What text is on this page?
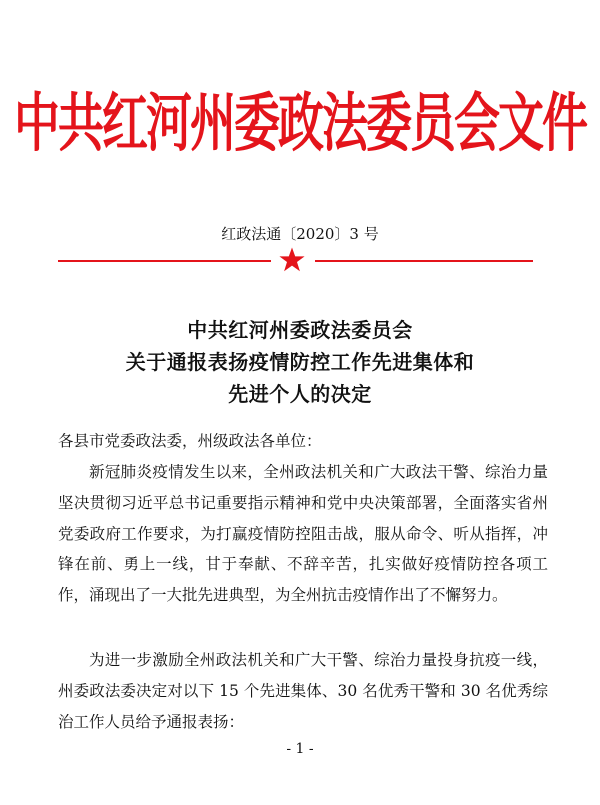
中共红河州委政法委员会文件
红政法通〔2020〕3 号
中共红河州委政法委员会
关于通报表扬疫情防控工作先进集体和
先进个人的决定
各县市党委政法委，州级政法各单位：
新冠肺炎疫情发生以来，全州政法机关和广大政法干警、综治力量坚决贯彻习近平总书记重要指示精神和党中央决策部署，全面落实省州党委政府工作要求，为打赢疫情防控阻击战，服从命令、听从指挥，冲锋在前、勇上一线，甘于奉献、不辞辛苦，扎实做好疫情防控各项工作，涌现出了一大批先进典型，为全州抗击疫情作出了不懈努力。
为进一步激励全州政法机关和广大干警、综治力量投身抗疫一线，州委政法委决定对以下 15 个先进集体、30 名优秀干警和 30 名优秀综治工作人员给予通报表扬：
- 1 -
